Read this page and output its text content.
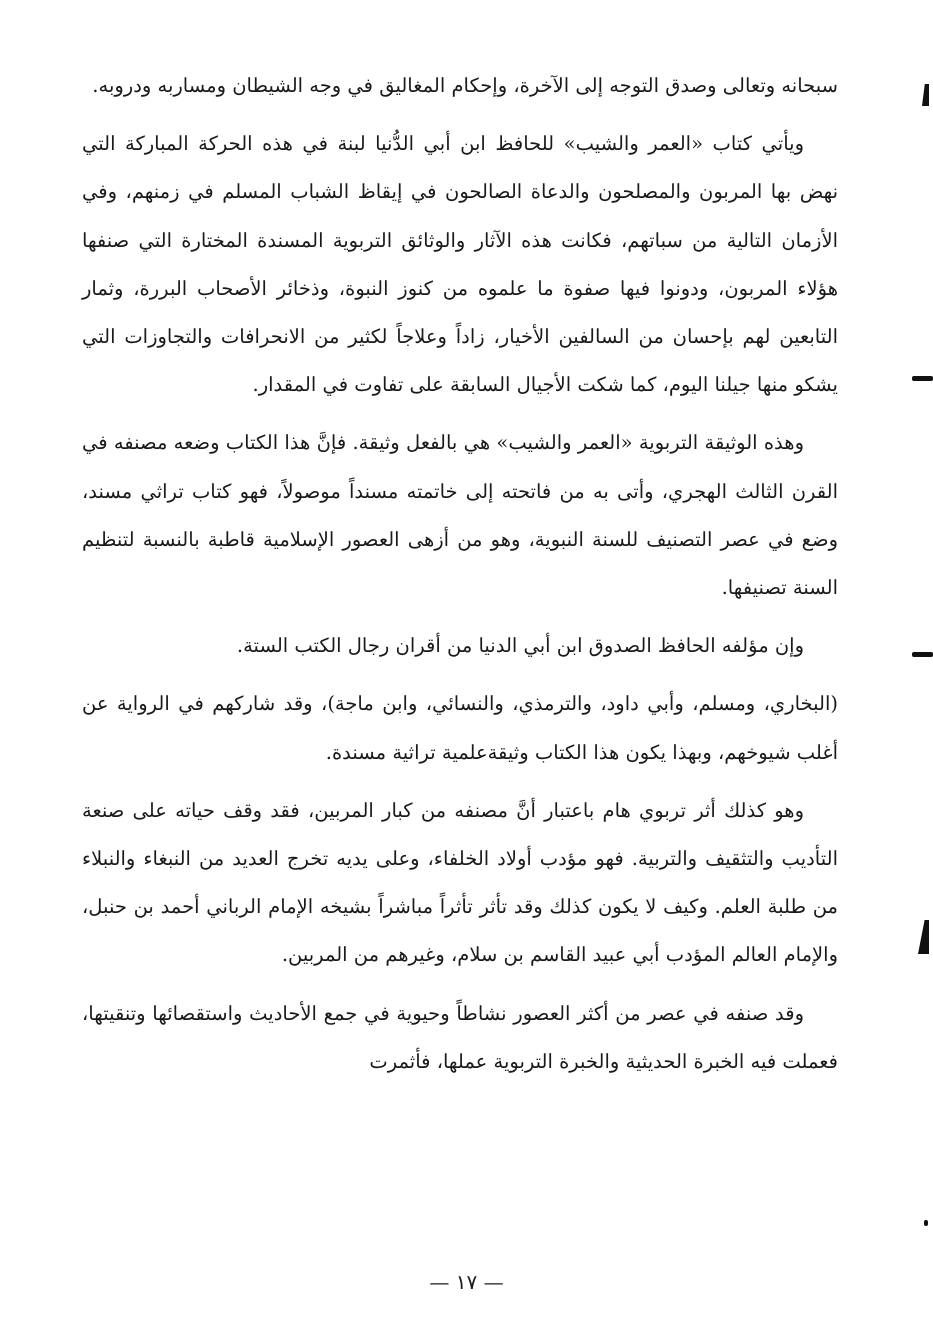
سبحانه وتعالى وصدق التوجه إلى الآخرة، وإحكام المغاليق في وجه الشيطان ومساربه ودروبه.

ويأتي كتاب «العمر والشيب» للحافظ ابن أبي الدُّنيا لبنة في هذه الحركة المباركة التي نهض بها المربون والمصلحون والدعاة الصالحون في إيقاظ الشباب المسلم في زمنهم، وفي الأزمان التالية من سباتهم، فكانت هذه الآثار والوثائق التربوية المسندة المختارة التي صنفها هؤلاء المربون، ودونوا فيها صفوة ما علموه من كنوز النبوة، وذخائر الأصحاب البررة، وثمار التابعين لهم بإحسان من السالفين الأخيار، زاداً وعلاجاً لكثير من الانحرافات والتجاوزات التي يشكو منها جيلنا اليوم، كما شكت الأجيال السابقة على تفاوت في المقدار.

وهذه الوثيقة التربوية «العمر والشيب» هي بالفعل وثيقة. فإنَّ هذا الكتاب وضعه مصنفه في القرن الثالث الهجري، وأتى به من فاتحته إلى خاتمته مسنداً موصولاً، فهو كتاب تراثي مسند، وضع في عصر التصنيف للسنة النبوية، وهو من أزهى العصور الإسلامية قاطبة بالنسبة لتنظيم السنة تصنيفها.

وإن مؤلفه الحافظ الصدوق ابن أبي الدنيا من أقران رجال الكتب الستة.

(البخاري، ومسلم، وأبي داود، والترمذي، والنسائي، وابن ماجة)، وقد شاركهم في الرواية عن أغلب شيوخهم، وبهذا يكون هذا الكتاب وثيقةعلمية تراثية مسندة.

وهو كذلك أثر تربوي هام باعتبار أنَّ مصنفه من كبار المربين، فقد وقف حياته على صنعة التأديب والتثقيف والتربية. فهو مؤدب أولاد الخلفاء، وعلى يديه تخرج العديد من النبغاء والنبلاء من طلبة العلم. وكيف لا يكون كذلك وقد تأثر تأثراً مباشراً بشيخه الإمام الرباني أحمد بن حنبل، والإمام العالم المؤدب أبي عبيد القاسم بن سلام، وغيرهم من المربين.

وقد صنفه في عصر من أكثر العصور نشاطاً وحيوية في جمع الأحاديث واستقصائها وتنقيتها، فعملت فيه الخبرة الحديثية والخبرة التربوية عملها، فأثمرت

— ١٧ —
